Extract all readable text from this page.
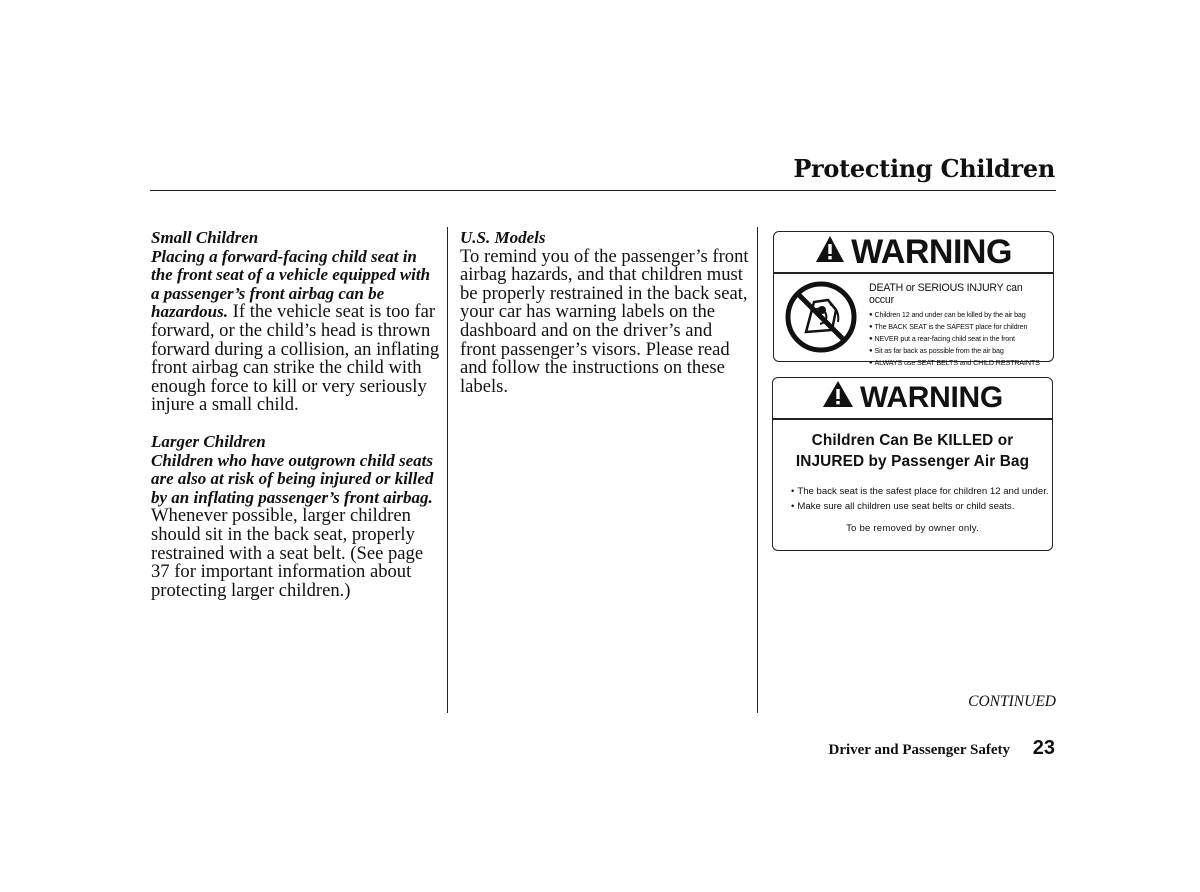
Protecting Children
Small Children
Placing a forward-facing child seat in the front seat of a vehicle equipped with a passenger’s front airbag can be hazardous. If the vehicle seat is too far forward, or the child’s head is thrown forward during a collision, an inflating front airbag can strike the child with enough force to kill or very seriously injure a small child.
Larger Children
Children who have outgrown child seats are also at risk of being injured or killed by an inflating passenger’s front airbag. Whenever possible, larger children should sit in the back seat, properly restrained with a seat belt. (See page 37 for important information about protecting larger children.)
U.S. Models
To remind you of the passenger’s front airbag hazards, and that children must be properly restrained in the back seat, your car has warning labels on the dashboard and on the driver’s and front passenger’s visors. Please read and follow the instructions on these labels.
WARNING
DEATH or SERIOUS INJURY can occur
● Children 12 and under can be killed by the air bag
● The BACK SEAT is the SAFEST place for children
● NEVER put a rear-facing child seat in the front
● Sit as far back as possible from the air bag
● ALWAYS use SEAT BELTS and CHILD RESTRAINTS
WARNING
Children Can Be KILLED or
INJURED by Passenger Air Bag
• The back seat is the safest place for children 12 and under.
• Make sure all children use seat belts or child seats.
To be removed by owner only.
CONTINUED
Driver and Passenger Safety 23
